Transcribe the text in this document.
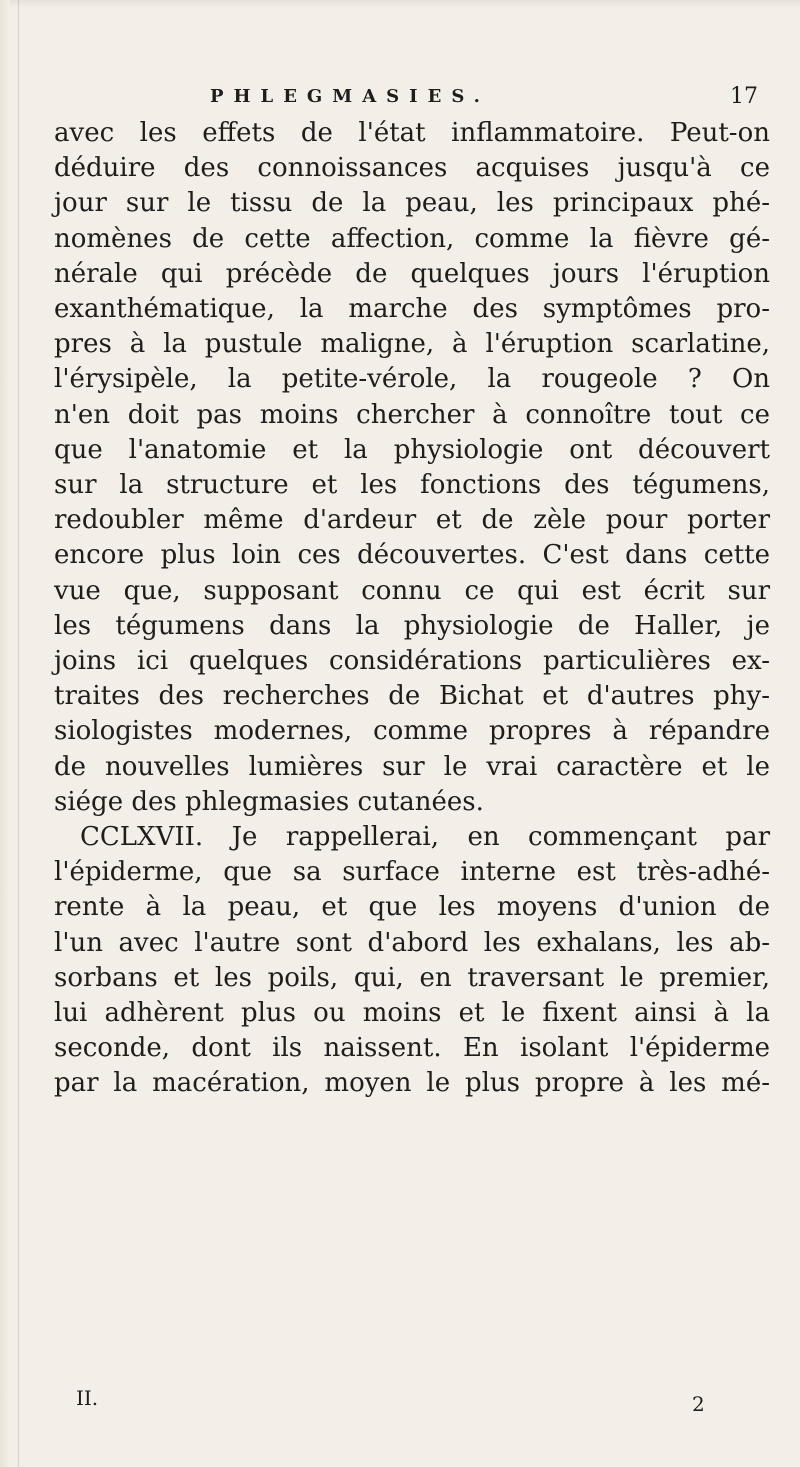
PHLEGMASIES.	17
avec les effets de l'état inflammatoire. Peut-on
déduire des connoissances acquises jusqu'à ce
jour sur le tissu de la peau, les principaux phé-
nomènes de cette affection, comme la fièvre gé-
nérale qui précède de quelques jours l'éruption
exanthématique, la marche des symptômes pro-
pres à la pustule maligne, à l'éruption scarlatine,
l'érysipèle, la petite-vérole, la rougeole ? On
n'en doit pas moins chercher à connoître tout ce
que l'anatomie et la physiologie ont découvert
sur la structure et les fonctions des tégumens,
redoubler même d'ardeur et de zèle pour porter
encore plus loin ces découvertes. C'est dans cette
vue que, supposant connu ce qui est écrit sur
les tégumens dans la physiologie de Haller, je
joins ici quelques considérations particulières ex-
traites des recherches de Bichat et d'autres phy-
siologistes modernes, comme propres à répandre
de nouvelles lumières sur le vrai caractère et le
siége des phlegmasies cutanées.
CCLXVII. Je rappellerai, en commençant par
l'épiderme, que sa surface interne est très-adhé-
rente à la peau, et que les moyens d'union de
l'un avec l'autre sont d'abord les exhalans, les ab-
sorbans et les poils, qui, en traversant le premier,
lui adhèrent plus ou moins et le fixent ainsi à la
seconde, dont ils naissent. En isolant l'épiderme
par la macération, moyen le plus propre à les mé-
II.	2
